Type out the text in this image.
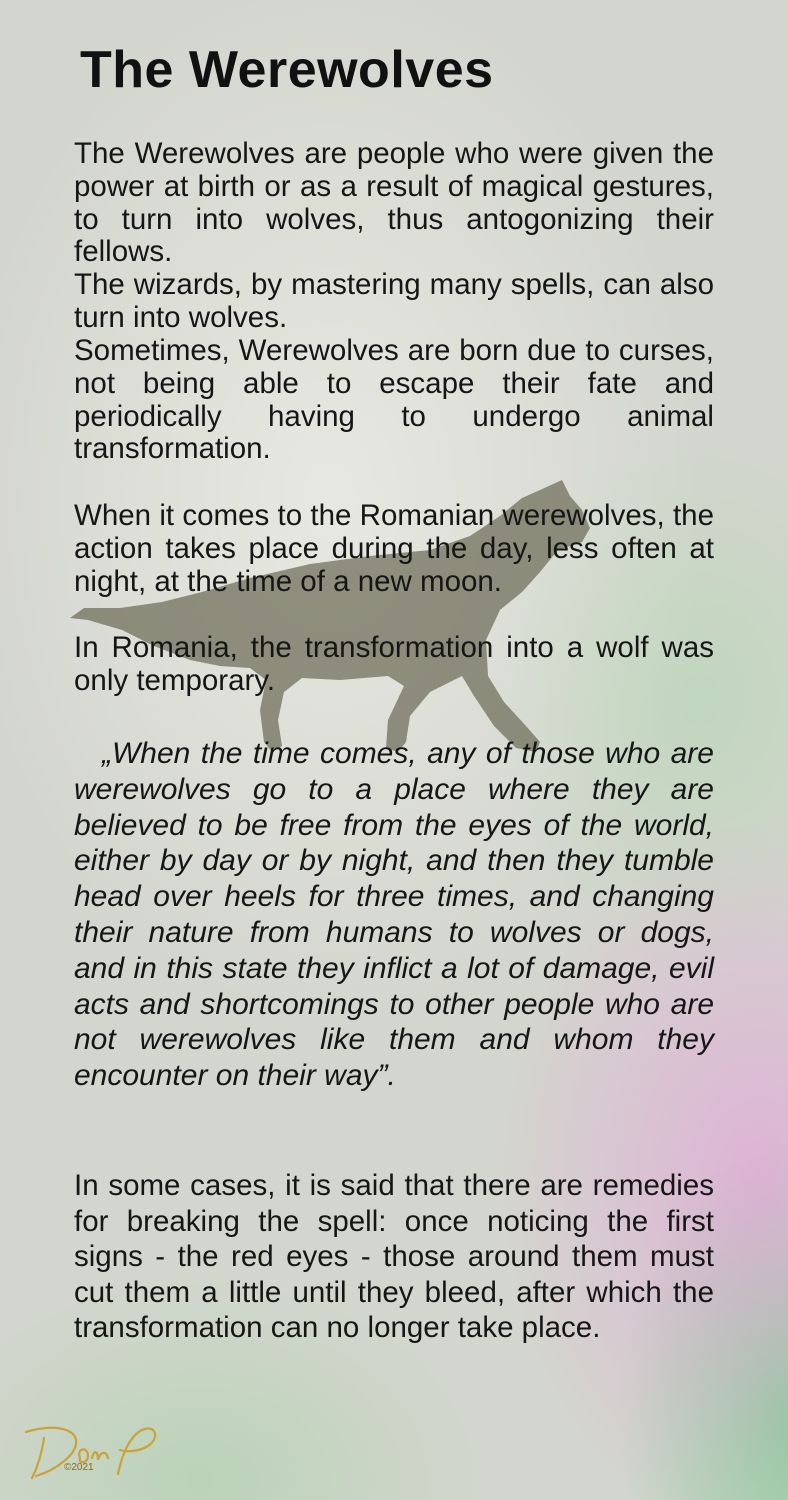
The Werewolves

The Werewolves are people who were given the power at birth or as a result of magical gestures, to turn into wolves, thus antogonizing their fellows.

The wizards, by mastering many spells, can also turn into wolves.

Sometimes, Werewolves are born due to curses, not being able to escape their fate and periodically having to undergo animal transformation.

When it comes to the Romanian werewolves, the action takes place during the day, less often at night, at the time of a new moon.

In Romania, the transformation into a wolf was only temporary.

„When the time comes, any of those who are werewolves go to a place where they are believed to be free from the eyes of the world, either by day or by night, and then they tumble head over heels for three times, and changing their nature from humans to wolves or dogs, and in this state they inflict a lot of damage, evil acts and shortcomings to other people who are not werewolves like them and whom they encounter on their way”.

In some cases, it is said that there are remedies for breaking the spell: once noticing the first signs - the red eyes - those around them must cut them a little until they bleed, after which the transformation can no longer take place.

©2021
